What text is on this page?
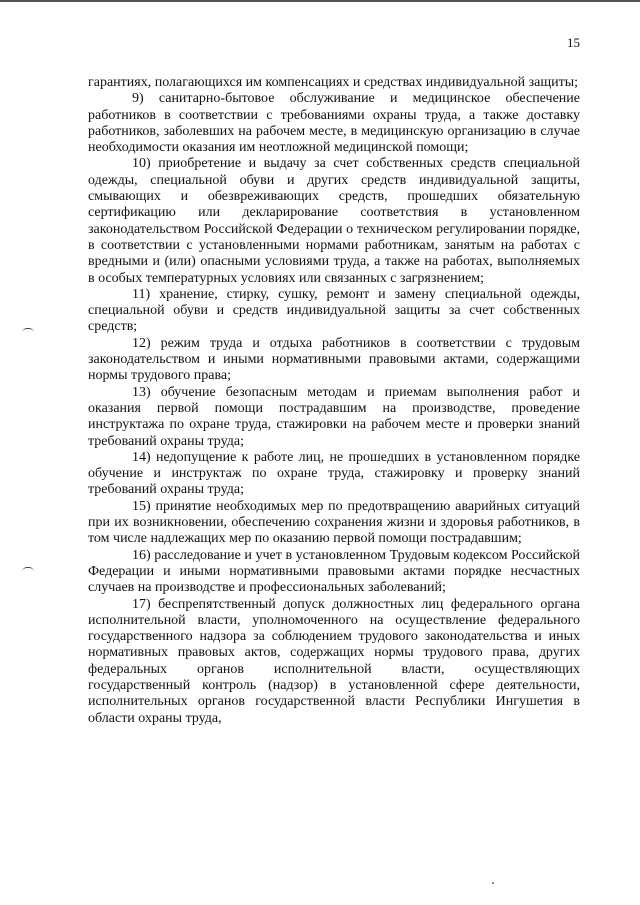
15

гарантиях, полагающихся им компенсациях и средствах индивидуальной защиты;

9) санитарно-бытовое обслуживание и медицинское обеспечение работников в соответствии с требованиями охраны труда, а также доставку работников, заболевших на рабочем месте, в медицинскую организацию в случае необходимости оказания им неотложной медицинской помощи;

10) приобретение и выдачу за счет собственных средств специальной одежды, специальной обуви и других средств индивидуальной защиты, смывающих и обезвреживающих средств, прошедших обязательную сертификацию или декларирование соответствия в установленном законодательством Российской Федерации о техническом регулировании порядке, в соответствии с установленными нормами работникам, занятым на работах с вредными и (или) опасными условиями труда, а также на работах, выполняемых в особых температурных условиях или связанных с загрязнением;

11) хранение, стирку, сушку, ремонт и замену специальной одежды, специальной обуви и средств индивидуальной защиты за счет собственных средств;

12) режим труда и отдыха работников в соответствии с трудовым законодательством и иными нормативными правовыми актами, содержащими нормы трудового права;

13) обучение безопасным методам и приемам выполнения работ и оказания первой помощи пострадавшим на производстве, проведение инструктажа по охране труда, стажировки на рабочем месте и проверки знаний требований охраны труда;

14) недопущение к работе лиц, не прошедших в установленном порядке обучение и инструктаж по охране труда, стажировку и проверку знаний требований охраны труда;

15) принятие необходимых мер по предотвращению аварийных ситуаций при их возникновении, обеспечению сохранения жизни и здоровья работников, в том числе надлежащих мер по оказанию первой помощи пострадавшим;

16) расследование и учет в установленном Трудовым кодексом Российской Федерации и иными нормативными правовыми актами порядке несчастных случаев на производстве и профессиональных заболеваний;

17) беспрепятственный допуск должностных лиц федерального органа исполнительной власти, уполномоченного на осуществление федерального государственного надзора за соблюдением трудового законодательства и иных нормативных правовых актов, содержащих нормы трудового права, других федеральных органов исполнительной власти, осуществляющих государственный контроль (надзор) в установленной сфере деятельности, исполнительных органов государственной власти Республики Ингушетия в области охраны труда,
